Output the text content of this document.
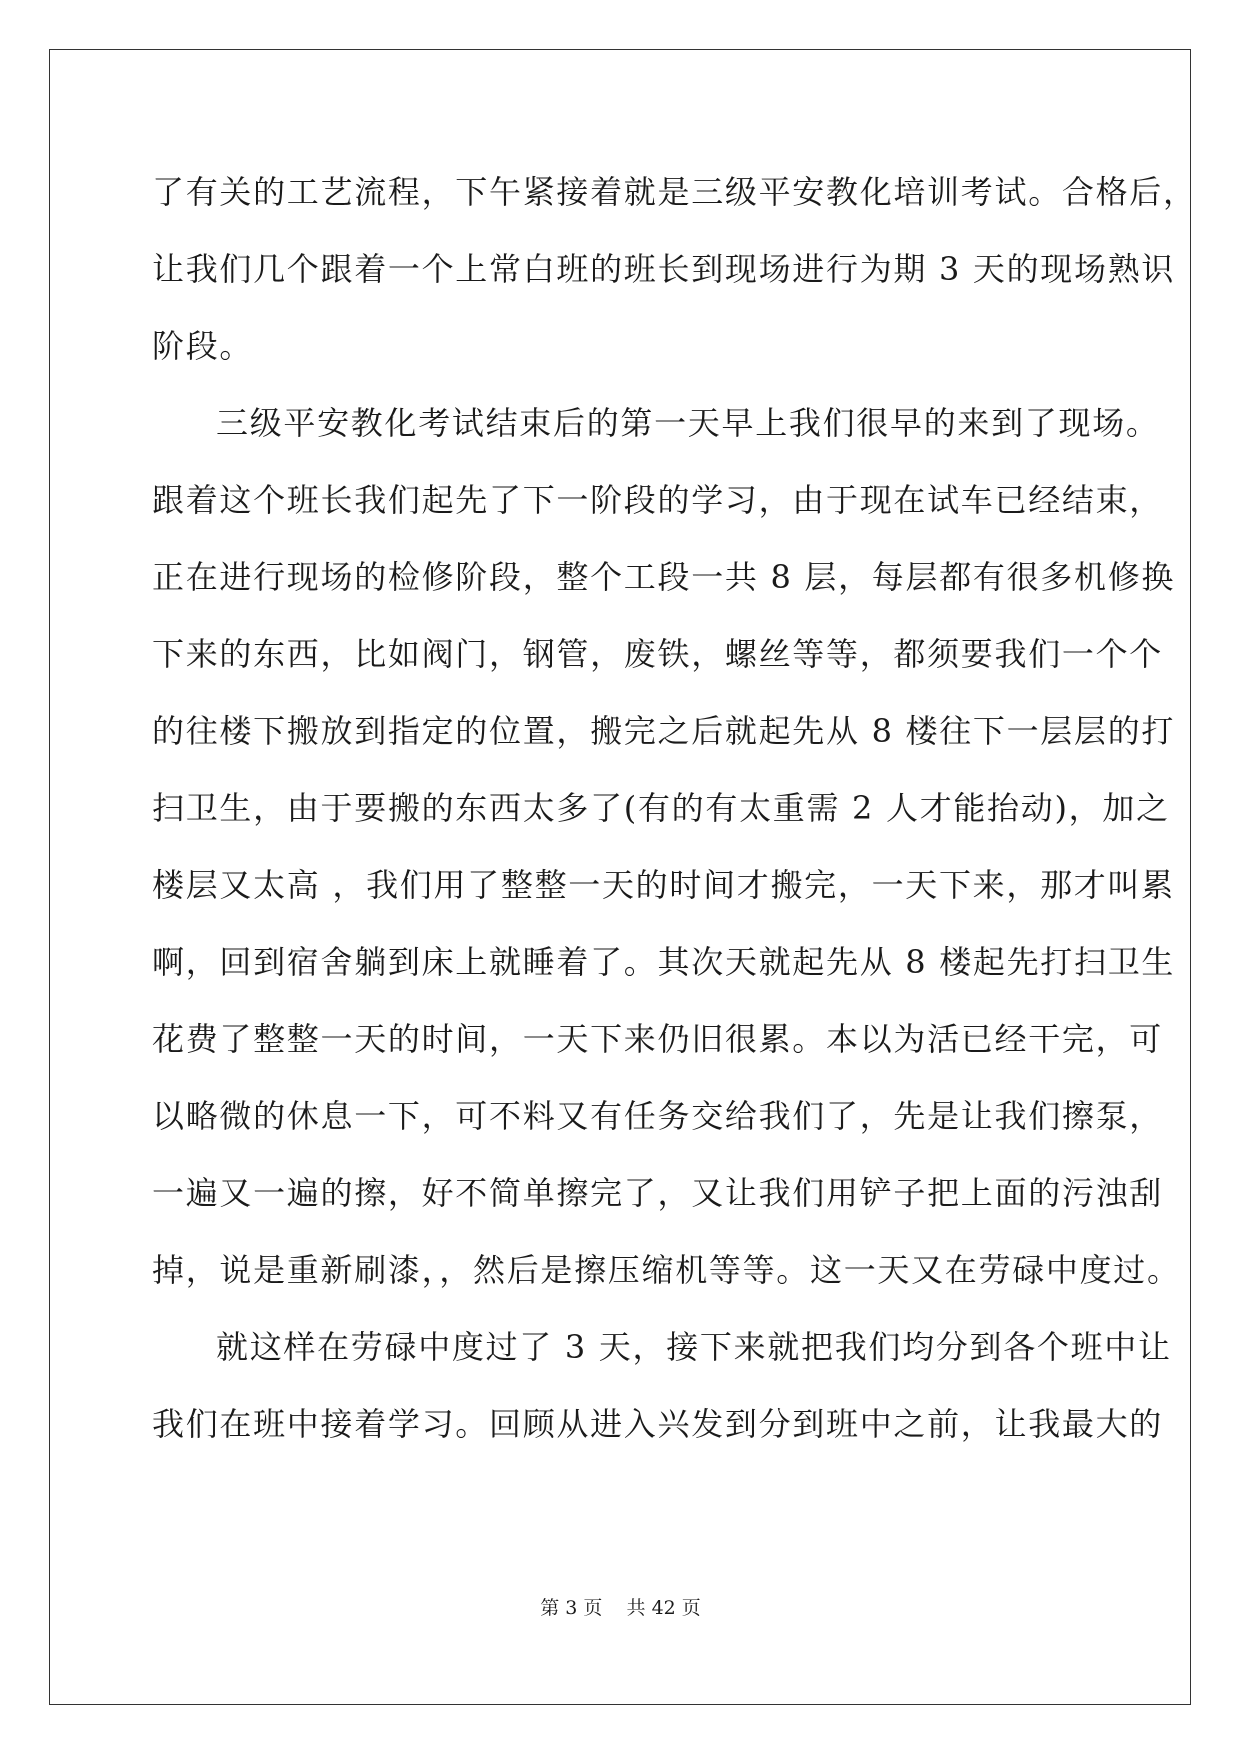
了有关的工艺流程，下午紧接着就是三级平安教化培训考试。合格后，
让我们几个跟着一个上常白班的班长到现场进行为期 3 天的现场熟识
阶段。
三级平安教化考试结束后的第一天早上我们很早的来到了现场。
跟着这个班长我们起先了下一阶段的学习，由于现在试车已经结束，
正在进行现场的检修阶段，整个工段一共 8 层，每层都有很多机修换
下来的东西，比如阀门，钢管，废铁，螺丝等等，都须要我们一个个
的往楼下搬放到指定的位置，搬完之后就起先从 8 楼往下一层层的打
扫卫生，由于要搬的东西太多了(有的有太重需 2 人才能抬动)，加之
楼层又太高 ，我们用了整整一天的时间才搬完，一天下来，那才叫累
啊，回到宿舍躺到床上就睡着了。其次天就起先从 8 楼起先打扫卫生
花费了整整一天的时间，一天下来仍旧很累。本以为活已经干完，可
以略微的休息一下，可不料又有任务交给我们了，先是让我们擦泵，
一遍又一遍的擦，好不简单擦完了，又让我们用铲子把上面的污浊刮
掉，说是重新刷漆，，然后是擦压缩机等等。这一天又在劳碌中度过。
就这样在劳碌中度过了 3 天，接下来就把我们均分到各个班中让
我们在班中接着学习。回顾从进入兴发到分到班中之前，让我最大的
第 3 页    共 42 页
